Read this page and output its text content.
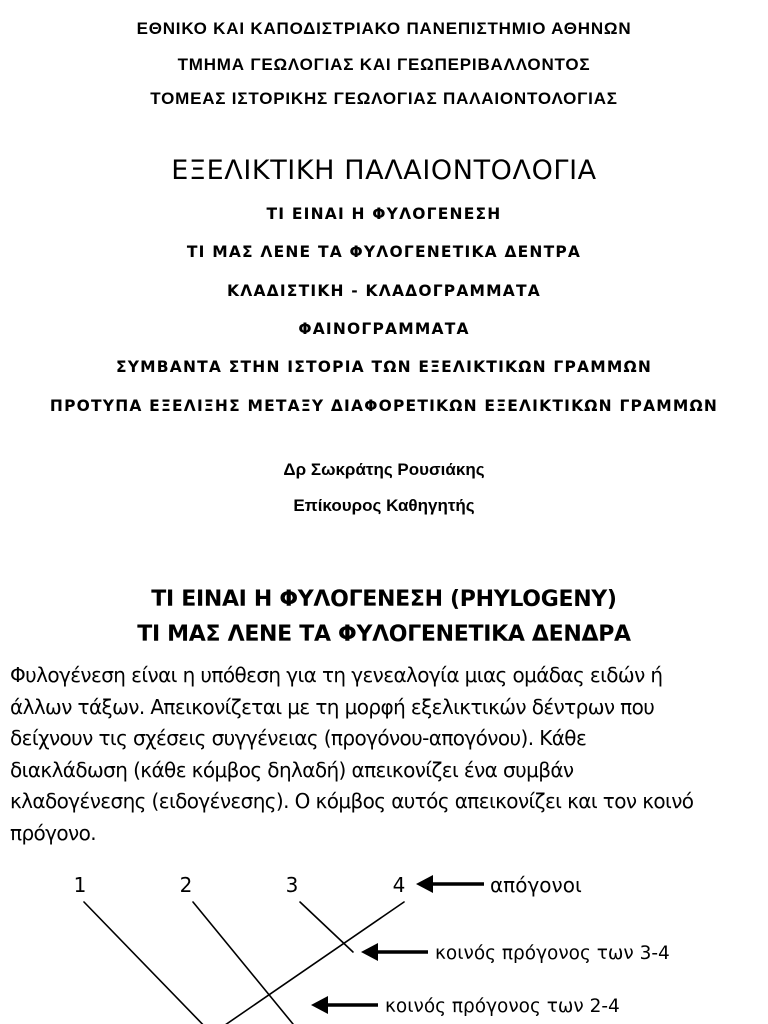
ΕΘΝΙΚΟ ΚΑΙ ΚΑΠΟΔΙΣΤΡΙΑΚΟ ΠΑΝΕΠΙΣΤΗΜΙΟ ΑΘΗΝΩΝ
ΤΜΗΜΑ ΓΕΩΛΟΓΙΑΣ ΚΑΙ ΓΕΩΠΕΡΙΒΑΛΛΟΝΤΟΣ
ΤΟΜΕΑΣ ΙΣΤΟΡΙΚΗΣ ΓΕΩΛΟΓΙΑΣ ΠΑΛΑΙΟΝΤΟΛΟΓΙΑΣ
ΕΞΕΛΙΚΤΙΚΗ ΠΑΛΑΙΟΝΤΟΛΟΓΙΑ
ΤΙ ΕΙΝΑΙ Η ΦΥΛΟΓΕΝΕΣΗ
ΤΙ ΜΑΣ ΛΕΝΕ ΤΑ ΦΥΛΟΓΕΝΕΤΙΚΑ ΔΕΝΤΡΑ
ΚΛΑΔΙΣΤΙΚΗ - ΚΛΑΔΟΓΡΑΜΜΑΤΑ
ΦΑΙΝΟΓΡΑΜΜΑΤΑ
ΣΥΜΒΑΝΤΑ ΣΤΗΝ ΙΣΤΟΡΙΑ ΤΩΝ ΕΞΕΛΙΚΤΙΚΩΝ ΓΡΑΜΜΩΝ
ΠΡΟΤΥΠΑ ΕΞΕΛΙΞΗΣ ΜΕΤΑΞΥ ΔΙΑΦΟΡΕΤΙΚΩΝ ΕΞΕΛΙΚΤΙΚΩΝ ΓΡΑΜΜΩΝ
Δρ Σωκράτης Ρουσιάκης
Επίκουρος Καθηγητής
ΤΙ ΕΙΝΑΙ Η ΦΥΛΟΓΕΝΕΣΗ (PHYLOGENY)
ΤΙ ΜΑΣ ΛΕΝΕ ΤΑ ΦΥΛΟΓΕΝΕΤΙΚΑ ΔΕΝΔΡΑ

Φυλογένεση είναι η υπόθεση για τη γενεαλογία μιας ομάδας ειδών ή
άλλων τάξων. Απεικονίζεται με τη μορφή εξελικτικών δέντρων που
δείχνουν τις σχέσεις συγγένειας (προγόνου-απογόνου). Κάθε
διακλάδωση (κάθε κόμβος δηλαδή) απεικονίζει ένα συμβάν
κλαδογένεσης (ειδογένεσης). Ο κόμβος αυτός απεικονίζει και τον κοινό
πρόγονο.

1	2	3	4	απόγονοι
κοινός πρόγονος των 3-4
κοινός πρόγονος των 2-4
